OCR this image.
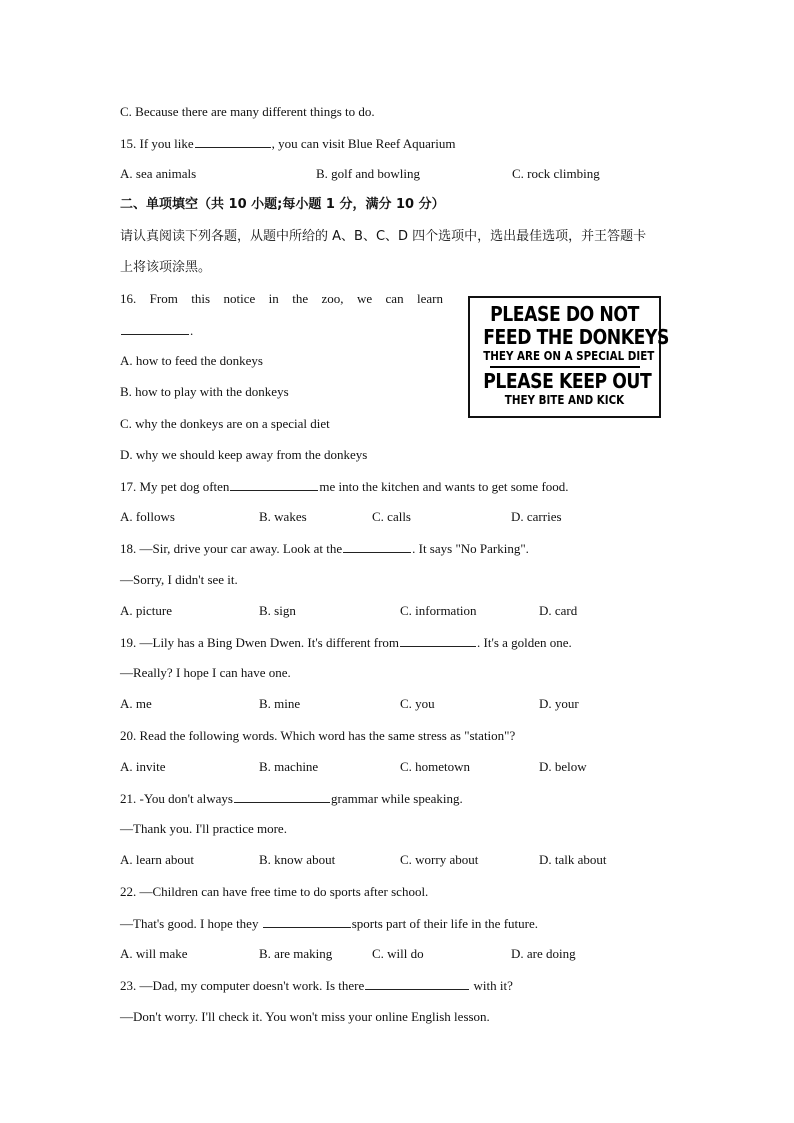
C. Because there are many different things to do.
15. If you like	, you can visit Blue Reef Aquarium
A. sea animals	B. golf and bowling	C. rock climbing
二、单项填空（共 10 小题;每小题 1 分，满分 10 分）
请认真阅读下列各题，从题中所给的 A、B、C、D 四个选项中，选出最佳选项，并王答题卡
上将该项涂黑。
16. From this notice in the zoo, we can learn
.
A. how to feed the donkeys
B. how to play with the donkeys
C. why the donkeys are on a special diet
D. why we should keep away from the donkeys
PLEASE DO NOT
FEED THE DONKEYS
THEY ARE ON A SPECIAL DIET
PLEASE KEEP OUT
THEY BITE AND KICK
17. My pet dog often	me into the kitchen and wants to get some food.
A. follows	B. wakes	C. calls	D. carries
18. —Sir, drive your car away. Look at the	. It says "No Parking".
—Sorry, I didn't see it.
A. picture	B. sign	C. information	D. card
19. —Lily has a Bing Dwen Dwen. It's different from	. It's a golden one.
—Really? I hope I can have one.
A. me	B. mine	C. you	D. your
20. Read the following words. Which word has the same stress as "station"?
A. invite	B. machine	C. hometown	D. below
21. -You don't always	grammar while speaking.
—Thank you. I'll practice more.
A. learn about	B. know about	C. worry about	D. talk about
22. —Children can have free time to do sports after school.
—That's good. I hope they	sports part of their life in the future.
A. will make	B. are making	C. will do	D. are doing
23. —Dad, my computer doesn't work. Is there	with it?
—Don't worry. I'll check it. You won't miss your online English lesson.
